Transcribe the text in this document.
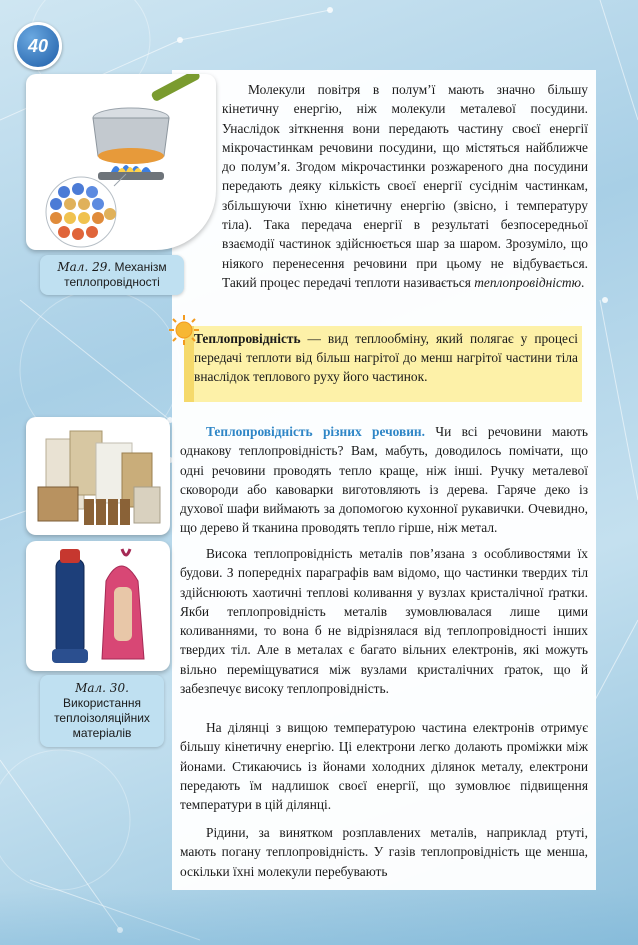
40
Мал. 29. Механізм теплопровідності
Мал. 30.
Використання теплоізоляційних матеріалів

Молекули повітря в полум’ї мають значно більшу кінетичну енергію, ніж молекули металевої посудини. Унаслідок зіткнення вони передають частину своєї енергії мікрочастинкам речовини посудини, що містяться найближче до полум’я. Згодом мікрочастинки розжареного дна посудини передають деяку кількість своєї енергії сусіднім частинкам, збільшуючи їхню кінетичну енергію (звісно, і температуру тіла). Така передача енергії в результаті безпосередньої взаємодії частинок здійснюється шар за шаром. Зрозуміло, що ніякого перенесення речовини при цьому не відбувається. Такий процес передачі теплоти називається теплопровідністю.

Теплопровідність — вид теплообміну, який полягає у процесі передачі теплоти від більш нагрітої до менш нагрітої частини тіла внаслідок теплового руху його частинок.

Теплопровідність різних речовин. Чи всі речовини мають однакову теплопровідність? Вам, мабуть, доводилось помічати, що одні речовини проводять тепло краще, ніж інші. Ручку металевої сковороди або кавоварки виготовляють із дерева. Гаряче деко із духової шафи виймають за допомогою кухонної рукавички. Очевидно, що дерево й тканина проводять тепло гірше, ніж метал.

Висока теплопровідність металів пов’язана з особливостями їх будови. З попередніх параграфів вам відомо, що частинки твердих тіл здійснюють хаотичні теплові коливання у вузлах кристалічної ґратки. Якби теплопровідність металів зумовлювалася лише цими коливаннями, то вона б не відрізнялася від теплопровідності інших твердих тіл. Але в металах є багато вільних електронів, які можуть вільно переміщуватися між вузлами кристалічних ґраток, що й забезпечує високу теплопровідність.

На ділянці з вищою температурою частина електронів отримує більшу кінетичну енергію. Ці електрони легко долають проміжки між йонами. Стикаючись із йонами холодних ділянок металу, електрони передають їм надлишок своєї енергії, що зумовлює підвищення температури в цій ділянці.

Рідини, за винятком розплавлених металів, наприклад ртуті, мають погану теплопровідність. У газів теплопровідність ще менша, оскільки їхні молекули перебувають
